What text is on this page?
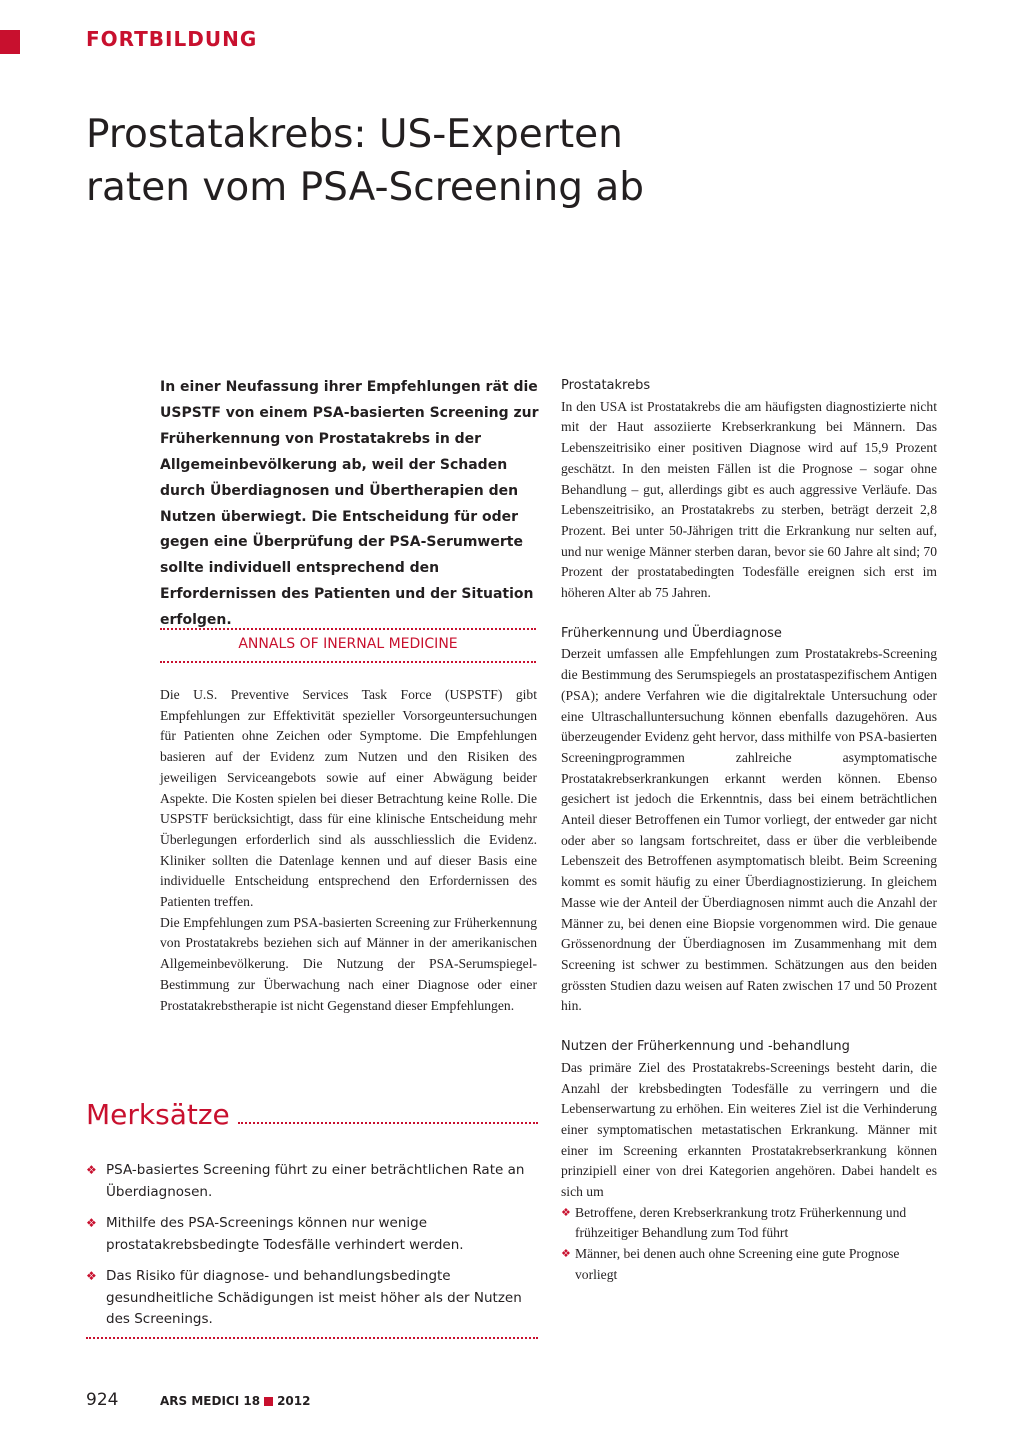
FORTBILDUNG
Prostatakrebs: US-Experten
raten vom PSA-Screening ab

In einer Neufassung ihrer Empfehlungen rät die USPSTF von einem PSA-basierten Screening zur Früherkennung von Prostatakrebs in der Allgemeinbevölkerung ab, weil der Schaden durch Überdiagnosen und Übertherapien den Nutzen überwiegt. Die Entscheidung für oder gegen eine Überprüfung der PSA-Serumwerte sollte individuell entsprechend den Erfordernissen des Patienten und der Situation erfolgen.

ANNALS OF INERNAL MEDICINE

Die U.S. Preventive Services Task Force (USPSTF) gibt Empfehlungen zur Effektivität spezieller Vorsorgeuntersuchungen für Patienten ohne Zeichen oder Symptome. Die Empfehlungen basieren auf der Evidenz zum Nutzen und den Risiken des jeweiligen Serviceangebots sowie auf einer Abwägung beider Aspekte. Die Kosten spielen bei dieser Betrachtung keine Rolle. Die USPSTF berücksichtigt, dass für eine klinische Entscheidung mehr Überlegungen erforderlich sind als ausschliesslich die Evidenz. Kliniker sollten die Datenlage kennen und auf dieser Basis eine individuelle Entscheidung entsprechend den Erfordernissen des Patienten treffen.

Die Empfehlungen zum PSA-basierten Screening zur Früherkennung von Prostatakrebs beziehen sich auf Männer in der amerikanischen Allgemeinbevölkerung. Die Nutzung der PSA-Serumspiegel-Bestimmung zur Überwachung nach einer Diagnose oder einer Prostatakrebstherapie ist nicht Gegenstand dieser Empfehlungen.

Merksätze
❖ PSA-basiertes Screening führt zu einer beträchtlichen Rate an Überdiagnosen.
❖ Mithilfe des PSA-Screenings können nur wenige prostatakrebsbedingte Todesfälle verhindert werden.
❖ Das Risiko für diagnose- und behandlungsbedingte gesundheitliche Schädigungen ist meist höher als der Nutzen des Screenings.
Prostatakrebs

In den USA ist Prostatakrebs die am häufigsten diagnostizierte nicht mit der Haut assoziierte Krebserkrankung bei Männern. Das Lebenszeitrisiko einer positiven Diagnose wird auf 15,9 Prozent geschätzt. In den meisten Fällen ist die Prognose – sogar ohne Behandlung – gut, allerdings gibt es auch aggressive Verläufe. Das Lebenszeitrisiko, an Prostatakrebs zu sterben, beträgt derzeit 2,8 Prozent. Bei unter 50-Jährigen tritt die Erkrankung nur selten auf, und nur wenige Männer sterben daran, bevor sie 60 Jahre alt sind; 70 Prozent der prostatabedingten Todesfälle ereignen sich erst im höheren Alter ab 75 Jahren.

Früherkennung und Überdiagnose

Derzeit umfassen alle Empfehlungen zum Prostatakrebs-Screening die Bestimmung des Serumspiegels an prostataspezifischem Antigen (PSA); andere Verfahren wie die digitalrektale Untersuchung oder eine Ultraschalluntersuchung können ebenfalls dazugehören. Aus überzeugender Evidenz geht hervor, dass mithilfe von PSA-basierten Screeningprogrammen zahlreiche asymptomatische Prostatakrebserkrankungen erkannt werden können. Ebenso gesichert ist jedoch die Erkenntnis, dass bei einem beträchtlichen Anteil dieser Betroffenen ein Tumor vorliegt, der entweder gar nicht oder aber so langsam fortschreitet, dass er über die verbleibende Lebenszeit des Betroffenen asymptomatisch bleibt. Beim Screening kommt es somit häufig zu einer Überdiagnostizierung. In gleichem Masse wie der Anteil der Überdiagnosen nimmt auch die Anzahl der Männer zu, bei denen eine Biopsie vorgenommen wird. Die genaue Grössenordnung der Überdiagnosen im Zusammenhang mit dem Screening ist schwer zu bestimmen. Schätzungen aus den beiden grössten Studien dazu weisen auf Raten zwischen 17 und 50 Prozent hin.

Nutzen der Früherkennung und -behandlung

Das primäre Ziel des Prostatakrebs-Screenings besteht darin, die Anzahl der krebsbedingten Todesfälle zu verringern und die Lebenserwartung zu erhöhen. Ein weiteres Ziel ist die Verhinderung einer symptomatischen metastatischen Erkrankung. Männer mit einer im Screening erkannten Prostatakrebserkrankung können prinzipiell einer von drei Kategorien angehören. Dabei handelt es sich um

❖ Betroffene, deren Krebserkrankung trotz Früherkennung und frühzeitiger Behandlung zum Tod führt
❖ Männer, bei denen auch ohne Screening eine gute Prognose vorliegt
924	ARS MEDICI 18 2012
